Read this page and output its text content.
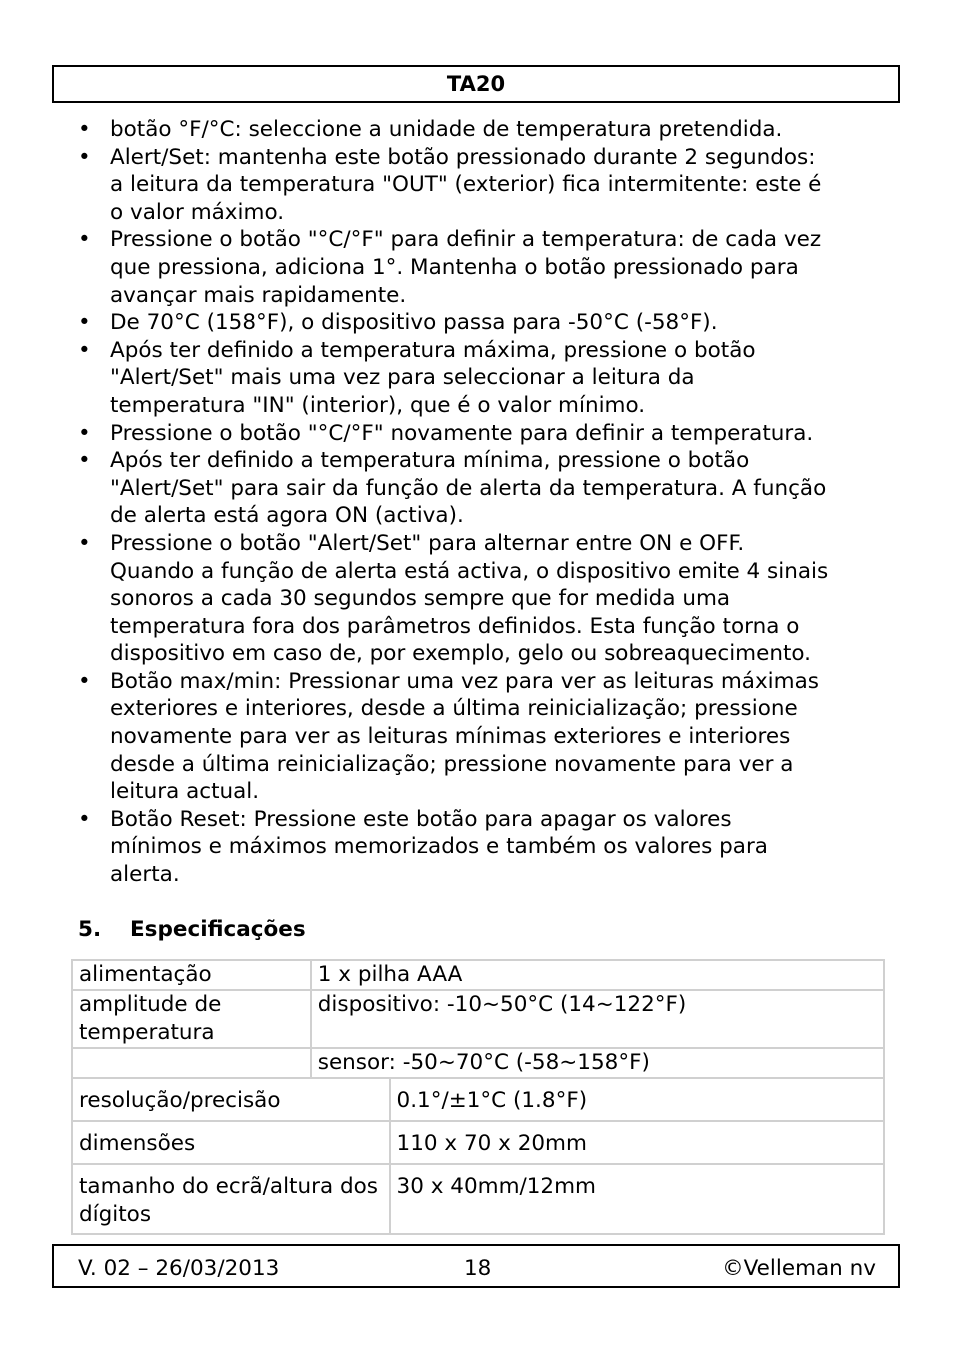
TA20
• botão °F/°C: seleccione a unidade de temperatura pretendida.
• Alert/Set: mantenha este botão pressionado durante 2 segundos:
a leitura da temperatura "OUT" (exterior) fica intermitente: este é
o valor máximo.
• Pressione o botão "°C/°F" para definir a temperatura: de cada vez
que pressiona, adiciona 1°. Mantenha o botão pressionado para
avançar mais rapidamente.
• De 70°C (158°F), o dispositivo passa para -50°C (-58°F).
• Após ter definido a temperatura máxima, pressione o botão
"Alert/Set" mais uma vez para seleccionar a leitura da
temperatura "IN" (interior), que é o valor mínimo.
• Pressione o botão "°C/°F" novamente para definir a temperatura.
• Após ter definido a temperatura mínima, pressione o botão
"Alert/Set" para sair da função de alerta da temperatura. A função
de alerta está agora ON (activa).
• Pressione o botão "Alert/Set" para alternar entre ON e OFF.
Quando a função de alerta está activa, o dispositivo emite 4 sinais
sonoros a cada 30 segundos sempre que for medida uma
temperatura fora dos parâmetros definidos. Esta função torna o
dispositivo em caso de, por exemplo, gelo ou sobreaquecimento.
• Botão max/min: Pressionar uma vez para ver as leituras máximas
exteriores e interiores, desde a última reinicialização; pressione
novamente para ver as leituras mínimas exteriores e interiores
desde a última reinicialização; pressione novamente para ver a
leitura actual.
• Botão Reset: Pressione este botão para apagar os valores
mínimos e máximos memorizados e também os valores para
alerta.
5.	Especificações
alimentação	1 x pilha AAA	
amplitude de temperatura	dispositivo: -10~50°C (14~122°F)	
	sensor: -50~70°C (-58~158°F)	
resolução/precisão		0.1°/±1°C (1.8°F)
dimensões		110 x 70 x 20mm
tamanho do ecrã/altura dos dígitos		30 x 40mm/12mm
V. 02 – 26/03/2013	18	©Velleman nv
